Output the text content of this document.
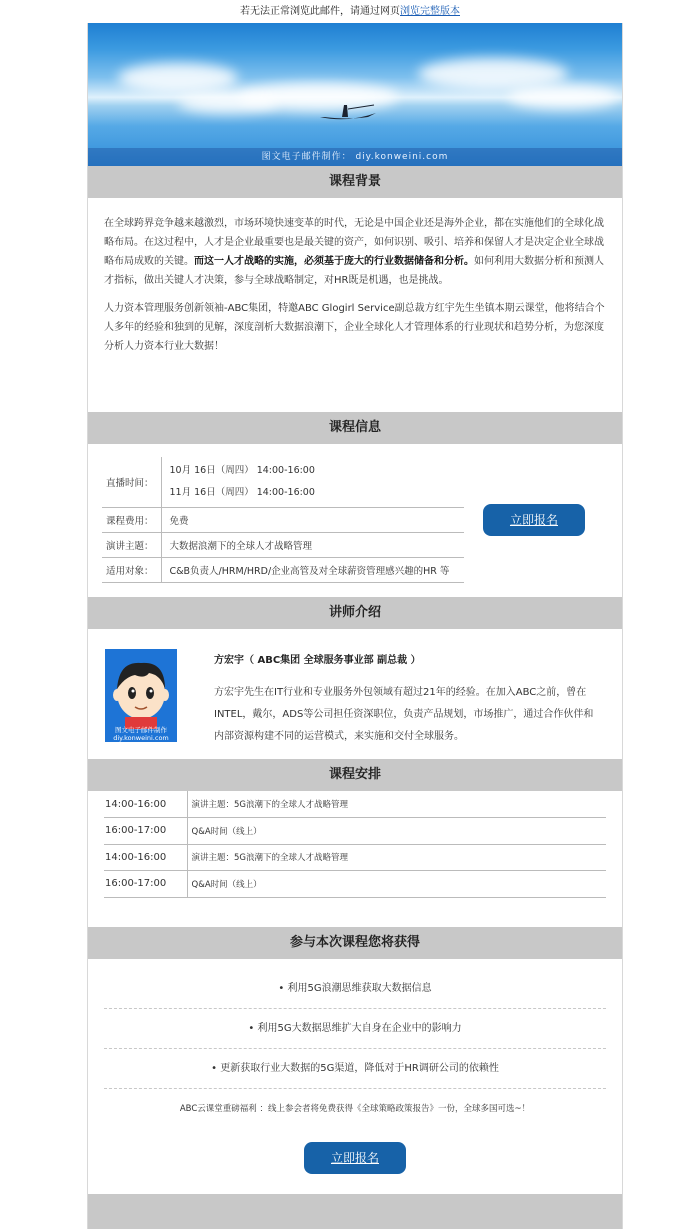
若无法正常浏览此邮件，请通过网页浏览完整版本
图文电子邮件制作： diy.konweini.com
课程背景

在全球跨界竞争越来越激烈，市场环境快速变革的时代，无论是中国企业还是海外企业，都在实施他们的全球化战略布局。在这过程中，人才是企业最重要也是最关键的资产，如何识别、吸引、培养和保留人才是决定企业全球战略布局成败的关键。而这一人才战略的实施，必须基于庞大的行业数据储备和分析。如何利用大数据分析和预测人才指标，做出关键人才决策，参与全球战略制定，对HR既是机遇，也是挑战。

人力资本管理服务创新领袖-ABC集团，特邀ABC Glogirl Service副总裁方红宇先生坐镇本期云课堂，他将结合个人多年的经验和独到的见解，深度剖析大数据浪潮下，企业全球化人才管理体系的行业现状和趋势分析，为您深度分析人力资本行业大数据！

课程信息
直播时间：	10月 16日（周四） 14:00-16:00
11月 16日（周四） 14:00-16:00

课程费用：	免费
演讲主题：	大数据浪潮下的全球人才战略管理
适用对象：	C&B负责人/HRM/HRD/企业高管及对全球薪资管理感兴趣的HR 等
立即报名
讲师介绍
图文电子邮件制作 diy.konweini.com
方宏宇（ ABC集团 全球服务事业部 副总裁 ）
方宏宇先生在IT行业和专业服务外包领域有超过21年的经验。在加入ABC之前，曾在INTEL，戴尔，ADS等公司担任资深职位，负责产品规划，市场推广，通过合作伙伴和内部资源构建不同的运营模式，来实施和交付全球服务。
课程安排
14:00-16:00	演讲主题：5G浪潮下的全球人才战略管理
16:00-17:00	Q&A时间（线上）
14:00-16:00	演讲主题：5G浪潮下的全球人才战略管理
16:00-17:00	Q&A时间（线上）
参与本次课程您将获得
• 利用5G浪潮思维获取大数据信息
• 利用5G大数据思维扩大自身在企业中的影响力
• 更新获取行业大数据的5G渠道，降低对于HR调研公司的依赖性
ABC云课堂重磅福利 ：线上参会者将免费获得《全球策略政策报告》一份，全球多国可选~！
立即报名
